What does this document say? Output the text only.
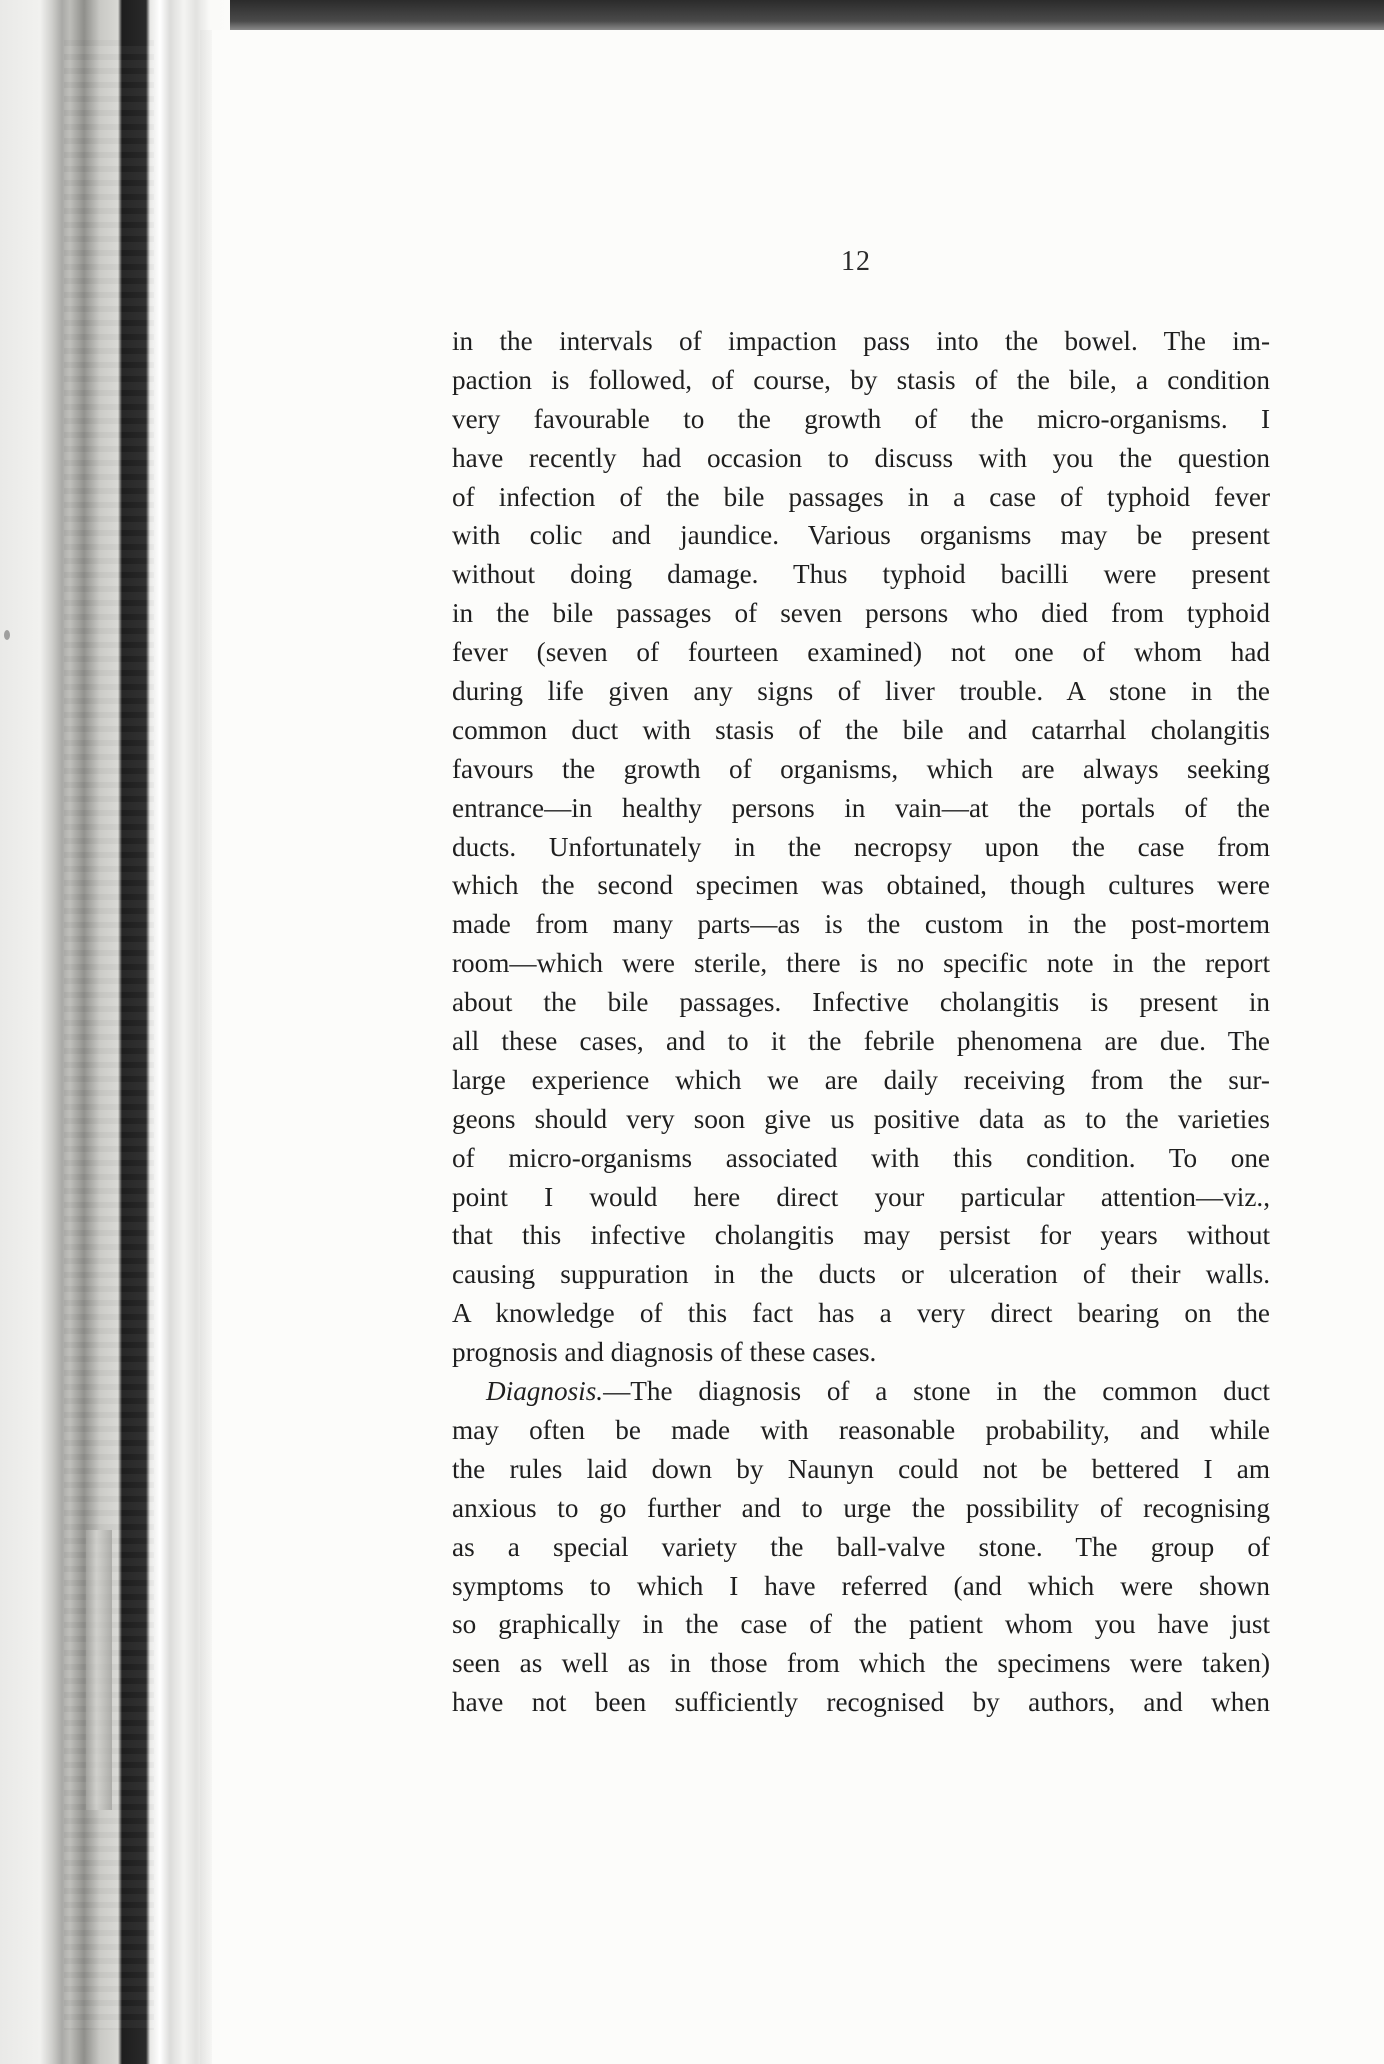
12
in the intervals of impaction pass into the bowel. The im-
paction is followed, of course, by stasis of the bile, a condition
very favourable to the growth of the micro-organisms. I
have recently had occasion to discuss with you the question
of infection of the bile passages in a case of typhoid fever
with colic and jaundice. Various organisms may be present
without doing damage. Thus typhoid bacilli were present
in the bile passages of seven persons who died from typhoid
fever (seven of fourteen examined) not one of whom had
during life given any signs of liver trouble. A stone in the
common duct with stasis of the bile and catarrhal cholangitis
favours the growth of organisms, which are always seeking
entrance—in healthy persons in vain—at the portals of the
ducts. Unfortunately in the necropsy upon the case from
which the second specimen was obtained, though cultures were
made from many parts—as is the custom in the post-mortem
room—which were sterile, there is no specific note in the report
about the bile passages. Infective cholangitis is present in
all these cases, and to it the febrile phenomena are due. The
large experience which we are daily receiving from the sur-
geons should very soon give us positive data as to the varieties
of micro-organisms associated with this condition. To one
point I would here direct your particular attention—viz.,
that this infective cholangitis may persist for years without
causing suppuration in the ducts or ulceration of their walls.
A knowledge of this fact has a very direct bearing on the
prognosis and diagnosis of these cases.
Diagnosis.—The diagnosis of a stone in the common duct
may often be made with reasonable probability, and while
the rules laid down by Naunyn could not be bettered I am
anxious to go further and to urge the possibility of recognising
as a special variety the ball-valve stone. The group of
symptoms to which I have referred (and which were shown
so graphically in the case of the patient whom you have just
seen as well as in those from which the specimens were taken)
have not been sufficiently recognised by authors, and when
